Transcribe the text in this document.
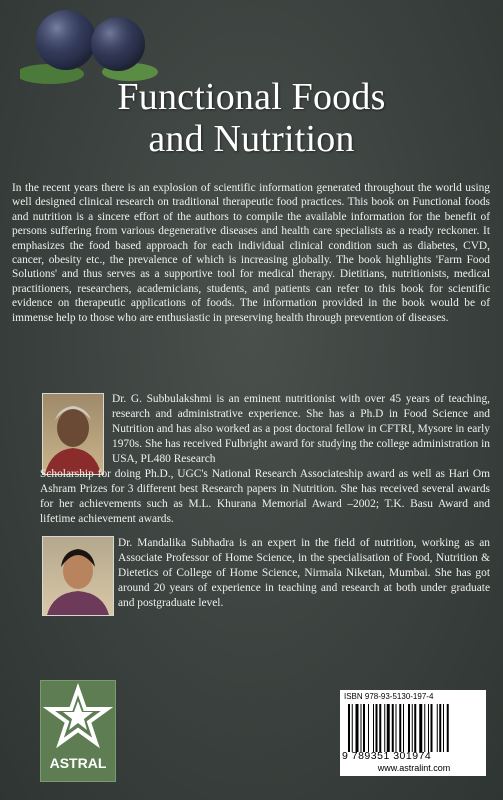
Functional Foods
and Nutrition

In the recent years there is an explosion of scientific information generated throughout the world using well designed clinical research on traditional therapeutic food practices. This book on Functional foods and nutrition is a sincere effort of the authors to compile the available information for the benefit of persons suffering from various degenerative diseases and health care specialists as a ready reckoner. It emphasizes the food based approach for each individual clinical condition such as diabetes, CVD, cancer, obesity etc., the prevalence of which is increasing globally. The book highlights 'Farm Food Solutions' and thus serves as a supportive tool for medical therapy. Dietitians, nutritionists, medical practitioners, researchers, academicians, students, and patients can refer to this book for scientific evidence on therapeutic applications of foods. The information provided in the book would be of immense help to those who are enthusiastic in preserving health through prevention of diseases.

Dr. G. Subbulakshmi is an eminent nutritionist with over 45 years of teaching, research and administrative experience. She has a Ph.D in Food Science and Nutrition and has also worked as a post doctoral fellow in CFTRI, Mysore in early 1970s. She has received Fulbright award for studying the college administration in USA, PL480 Research

Scholarship for doing Ph.D., UGC's National Research Associateship award as well as Hari Om Ashram Prizes for 3 different best Research papers in Nutrition. She has received several awards for her achievements such as M.L. Khurana Memorial Award –2002; T.K. Basu Award and lifetime achievement awards.

Dr. Mandalika Subhadra is an expert in the field of nutrition, working as an Associate Professor of Home Science, in the specialisation of Food, Nutrition & Dietetics of College of Home Science, Nirmala Niketan, Mumbai. She has got around 20 years of experience in teaching and research at both under graduate and postgraduate level.

ASTRAL
ISBN 978-93-5130-197-4
9 789351 301974
www.astralint.com
